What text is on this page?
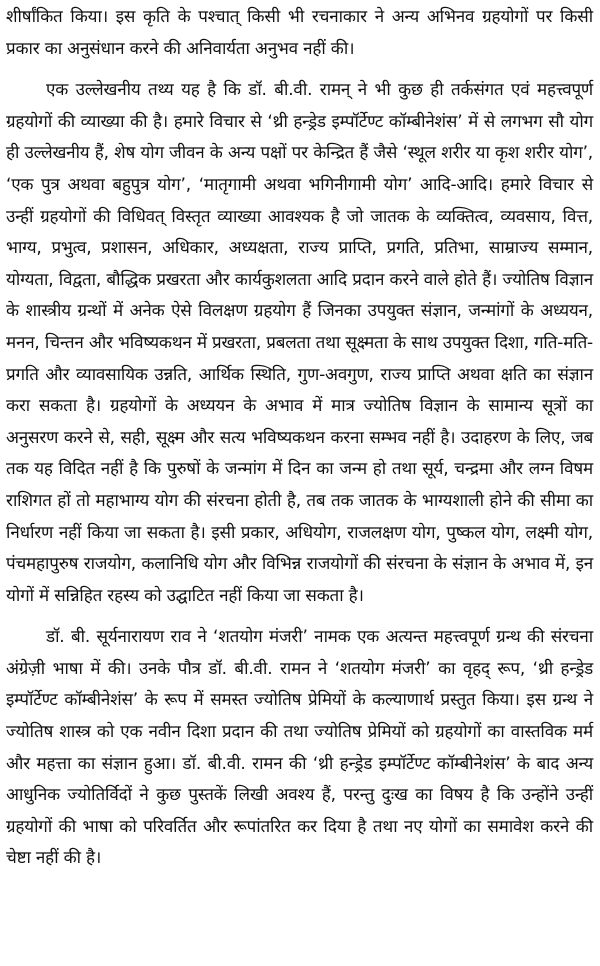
शीर्षांकित किया। इस कृति के पश्चात् किसी भी रचनाकार ने अन्य अभिनव ग्रहयोगों पर किसी प्रकार का अनुसंधान करने की अनिवार्यता अनुभव नहीं की।

एक उल्लेखनीय तथ्य यह है कि डॉ. बी.वी. रामन् ने भी कुछ ही तर्कसंगत एवं महत्त्वपूर्ण ग्रहयोगों की व्याख्या की है। हमारे विचार से ‘थ्री हन्ड्रेड इम्पॉर्टेण्ट कॉम्बीनेशंस’ में से लगभग सौ योग ही उल्लेखनीय हैं, शेष योग जीवन के अन्य पक्षों पर केन्द्रित हैं जैसे ‘स्थूल शरीर या कृश शरीर योग’, ‘एक पुत्र अथवा बहुपुत्र योग’, ‘मातृगामी अथवा भगिनीगामी योग’ आदि-आदि। हमारे विचार से उन्हीं ग्रहयोगों की विधिवत् विस्तृत व्याख्या आवश्यक है जो जातक के व्यक्तित्व, व्यवसाय, वित्त, भाग्य, प्रभुत्व, प्रशासन, अधिकार, अध्यक्षता, राज्य प्राप्ति, प्रगति, प्रतिभा, साम्राज्य सम्मान, योग्यता, विद्वता, बौद्धिक प्रखरता और कार्यकुशलता आदि प्रदान करने वाले होते हैं। ज्योतिष विज्ञान के शास्त्रीय ग्रन्थों में अनेक ऐसे विलक्षण ग्रहयोग हैं जिनका उपयुक्त संज्ञान, जन्मांगों के अध्ययन, मनन, चिन्तन और भविष्यकथन में प्रखरता, प्रबलता तथा सूक्ष्मता के साथ उपयुक्त दिशा, गति-मति-प्रगति और व्यावसायिक उन्नति, आर्थिक स्थिति, गुण-अवगुण, राज्य प्राप्ति अथवा क्षति का संज्ञान करा सकता है। ग्रहयोगों के अध्ययन के अभाव में मात्र ज्योतिष विज्ञान के सामान्य सूत्रों का अनुसरण करने से, सही, सूक्ष्म और सत्य भविष्यकथन करना सम्भव नहीं है। उदाहरण के लिए, जब तक यह विदित नहीं है कि पुरुषों के जन्मांग में दिन का जन्म हो तथा सूर्य, चन्द्रमा और लग्न विषम राशिगत हों तो महाभाग्य योग की संरचना होती है, तब तक जातक के भाग्यशाली होने की सीमा का निर्धारण नहीं किया जा सकता है। इसी प्रकार, अधियोग, राजलक्षण योग, पुष्कल योग, लक्ष्मी योग, पंचमहापुरुष राजयोग, कलानिधि योग और विभिन्न राजयोगों की संरचना के संज्ञान के अभाव में, इन योगों में सन्निहित रहस्य को उद्घाटित नहीं किया जा सकता है।

डॉ. बी. सूर्यनारायण राव ने ‘शतयोग मंजरी’ नामक एक अत्यन्त महत्त्वपूर्ण ग्रन्थ की संरचना अंग्रेज़ी भाषा में की। उनके पौत्र डॉ. बी.वी. रामन ने ‘शतयोग मंजरी’ का वृहद् रूप, ‘थ्री हन्ड्रेड इम्पॉर्टेण्ट कॉम्बीनेशंस’ के रूप में समस्त ज्योतिष प्रेमियों के कल्याणार्थ प्रस्तुत किया। इस ग्रन्थ ने ज्योतिष शास्त्र को एक नवीन दिशा प्रदान की तथा ज्योतिष प्रेमियों को ग्रहयोगों का वास्तविक मर्म और महत्ता का संज्ञान हुआ। डॉ. बी.वी. रामन की ‘थ्री हन्ड्रेड इम्पॉर्टेण्ट कॉम्बीनेशंस’ के बाद अन्य आधुनिक ज्योतिर्विदों ने कुछ पुस्तकें लिखी अवश्य हैं, परन्तु दुःख का विषय है कि उन्होंने उन्हीं ग्रहयोगों की भाषा को परिवर्तित और रूपांतरित कर दिया है तथा नए योगों का समावेश करने की चेष्टा नहीं की है।
